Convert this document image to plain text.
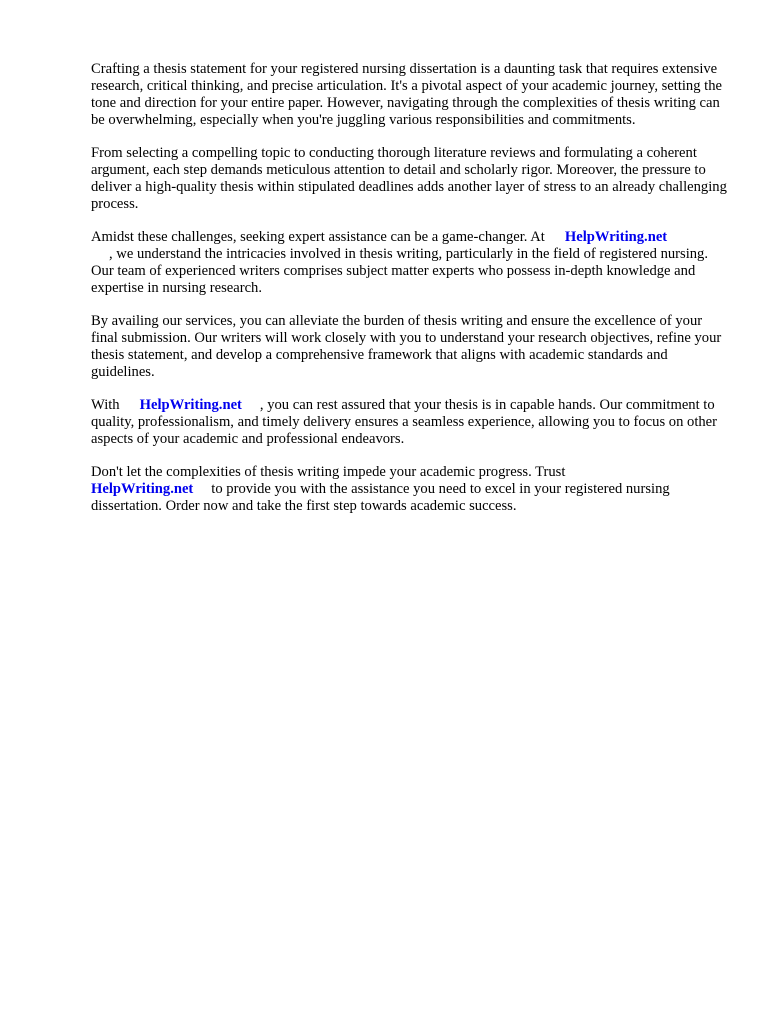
Crafting a thesis statement for your registered nursing dissertation is a daunting task that requires extensive research, critical thinking, and precise articulation. It's a pivotal aspect of your academic journey, setting the tone and direction for your entire paper. However, navigating through the complexities of thesis writing can be overwhelming, especially when you're juggling various responsibilities and commitments.

From selecting a compelling topic to conducting thorough literature reviews and formulating a coherent argument, each step demands meticulous attention to detail and scholarly rigor. Moreover, the pressure to deliver a high-quality thesis within stipulated deadlines adds another layer of stress to an already challenging process.

Amidst these challenges, seeking expert assistance can be a game-changer. At HelpWriting.net
, we understand the intricacies involved in thesis writing, particularly in the field of registered nursing. Our team of experienced writers comprises subject matter experts who possess in-depth knowledge and expertise in nursing research.

By availing our services, you can alleviate the burden of thesis writing and ensure the excellence of your final submission. Our writers will work closely with you to understand your research objectives, refine your thesis statement, and develop a comprehensive framework that aligns with academic standards and guidelines.

With HelpWriting.net , you can rest assured that your thesis is in capable hands. Our commitment to quality, professionalism, and timely delivery ensures a seamless experience, allowing you to focus on other aspects of your academic and professional endeavors.

Don't let the complexities of thesis writing impede your academic progress. Trust
HelpWriting.net to provide you with the assistance you need to excel in your registered nursing dissertation. Order now and take the first step towards academic success.
